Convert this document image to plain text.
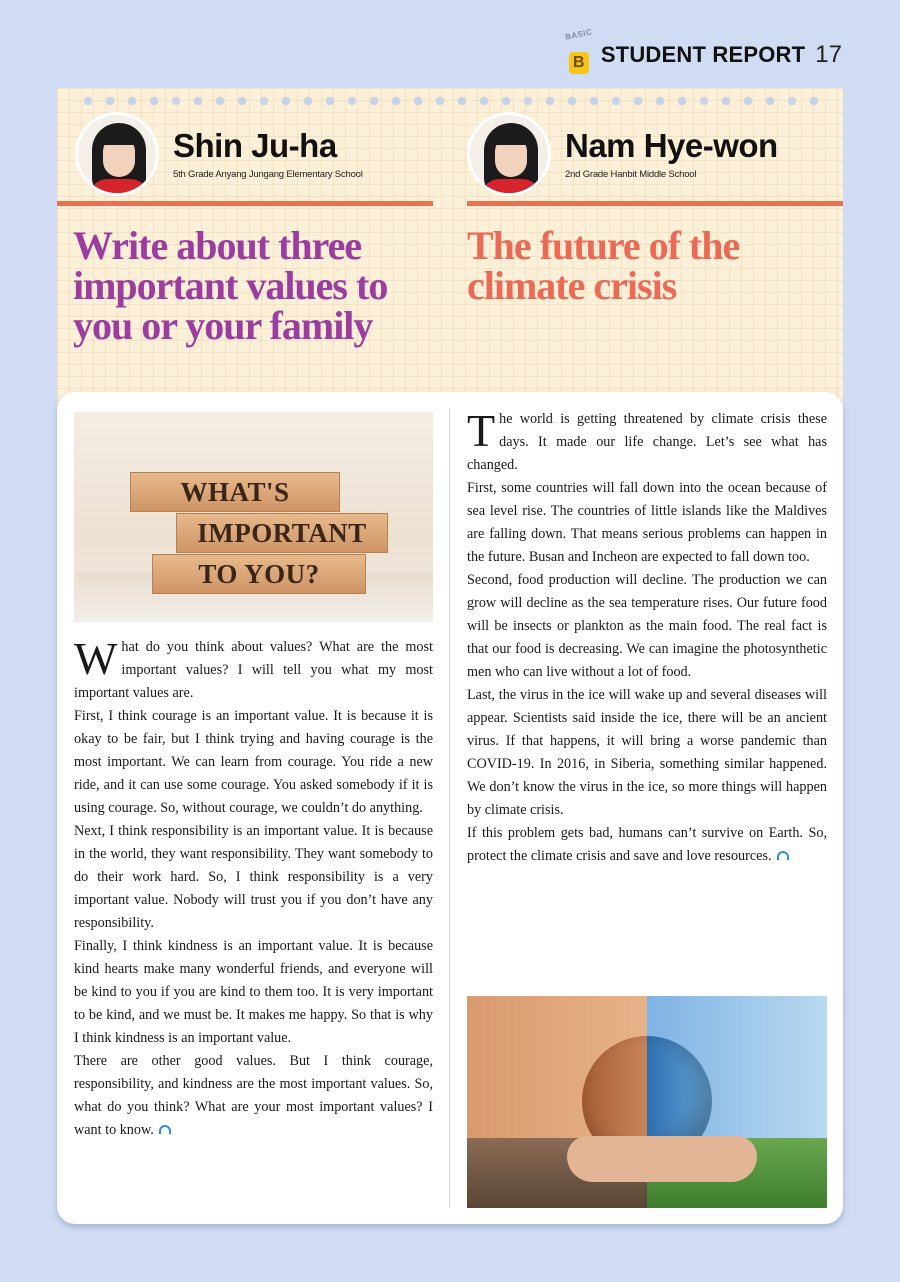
BASIC
B STUDENT REPORT 17
Shin Ju-ha
5th Grade Anyang Jungang Elementary School
Nam Hye-won
2nd Grade Hanbit Middle School
Write about three important values to you or your family
The future of the climate crisis
WHAT'S
IMPORTANT
TO YOU?

What do you think about values? What are the most important values? I will tell you what my most important values are.

First, I think courage is an important value. It is because it is okay to be fair, but I think trying and having courage is the most important. We can learn from courage. You ride a new ride, and it can use some courage. You asked somebody if it is using courage. So, without courage, we couldn’t do anything.

Next, I think responsibility is an important value. It is because in the world, they want responsibility. They want somebody to do their work hard. So, I think responsibility is a very important value. Nobody will trust you if you don’t have any responsibility.

Finally, I think kindness is an important value. It is because kind hearts make many wonderful friends, and everyone will be kind to you if you are kind to them too. It is very important to be kind, and we must be. It makes me happy. So that is why I think kindness is an important value.

There are other good values. But I think courage, responsibility, and kindness are the most important values. So, what do you think? What are your most important values? I want to know.

The world is getting threatened by climate crisis these days. It made our life change. Let’s see what has changed.

First, some countries will fall down into the ocean because of sea level rise. The countries of little islands like the Maldives are falling down. That means serious problems can happen in the future. Busan and Incheon are expected to fall down too.

Second, food production will decline. The production we can grow will decline as the sea temperature rises. Our future food will be insects or plankton as the main food. The real fact is that our food is decreasing. We can imagine the photosynthetic men who can live without a lot of food.

Last, the virus in the ice will wake up and several diseases will appear. Scientists said inside the ice, there will be an ancient virus. If that happens, it will bring a worse pandemic than COVID-19. In 2016, in Siberia, something similar happened. We don’t know the virus in the ice, so more things will happen by climate crisis.

If this problem gets bad, humans can’t survive on Earth. So, protect the climate crisis and save and love resources.
